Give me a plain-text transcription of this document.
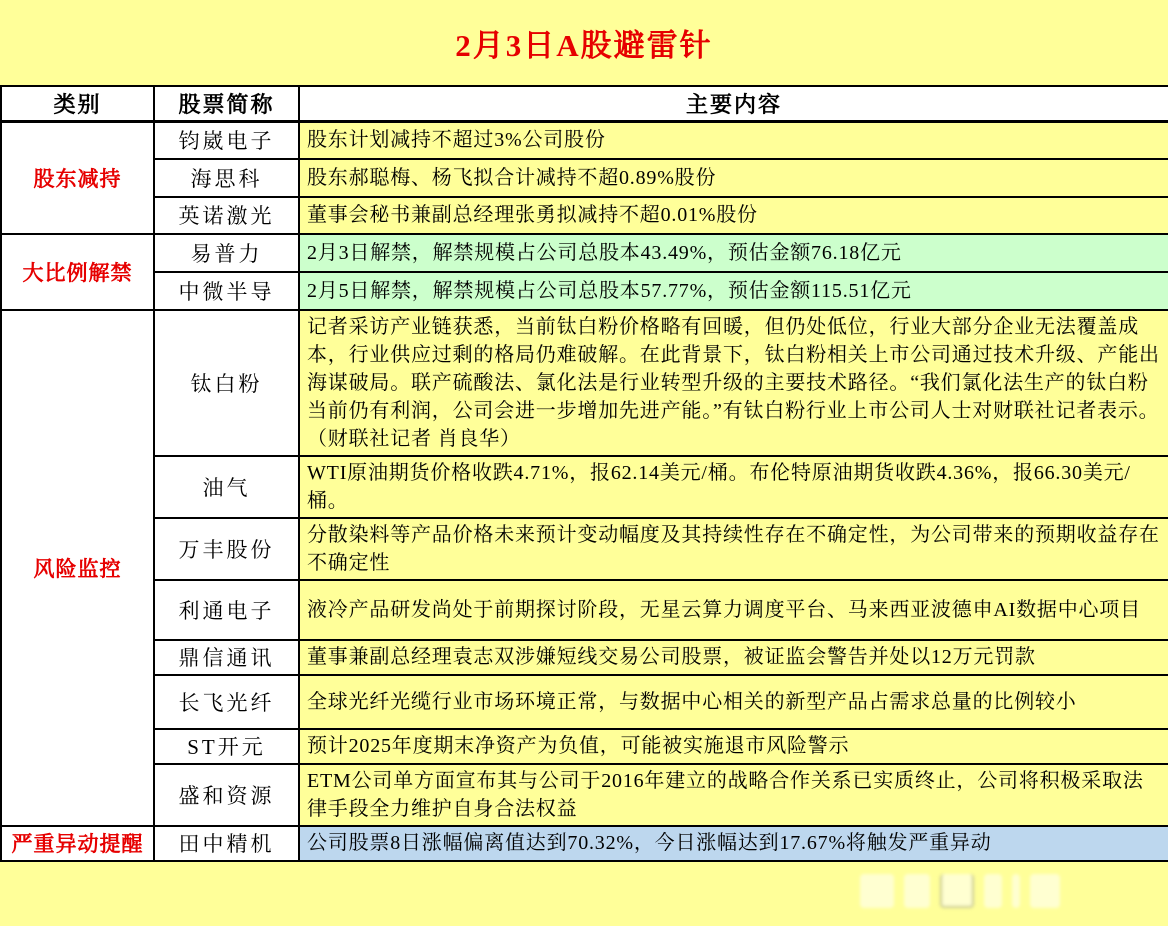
2月3日A股避雷针
类别	股票简称	主要内容
股东减持	钧崴电子	股东计划减持不超过3%公司股份
	海思科	股东郝聪梅、杨飞拟合计减持不超0.89%股份
	英诺激光	董事会秘书兼副总经理张勇拟减持不超0.01%股份
大比例解禁	易普力	2月3日解禁，解禁规模占公司总股本43.49%，预估金额76.18亿元
	中微半导	2月5日解禁，解禁规模占公司总股本57.77%，预估金额115.51亿元
风险监控	钛白粉	记者采访产业链获悉，当前钛白粉价格略有回暖，但仍处低位，行业大部分企业无法覆盖成本，行业供应过剩的格局仍难破解。在此背景下，钛白粉相关上市公司通过技术升级、产能出海谋破局。联产硫酸法、氯化法是行业转型升级的主要技术路径。“我们氯化法生产的钛白粉当前仍有利润，公司会进一步增加先进产能。”有钛白粉行业上市公司人士对财联社记者表示。（财联社记者 肖良华）
	油气	WTI原油期货价格收跌4.71%，报62.14美元/桶。布伦特原油期货收跌4.36%，报66.30美元/桶。
	万丰股份	分散染料等产品价格未来预计变动幅度及其持续性存在不确定性，为公司带来的预期收益存在不确定性
	利通电子	液冷产品研发尚处于前期探讨阶段，无星云算力调度平台、马来西亚波德申AI数据中心项目
	鼎信通讯	董事兼副总经理袁志双涉嫌短线交易公司股票，被证监会警告并处以12万元罚款
	长飞光纤	全球光纤光缆行业市场环境正常，与数据中心相关的新型产品占需求总量的比例较小
	ST开元	预计2025年度期末净资产为负值，可能被实施退市风险警示
	盛和资源	ETM公司单方面宣布其与公司于2016年建立的战略合作关系已实质终止，公司将积极采取法律手段全力维护自身合法权益
严重异动提醒	田中精机	公司股票8日涨幅偏离值达到70.32%，今日涨幅达到17.67%将触发严重异动
